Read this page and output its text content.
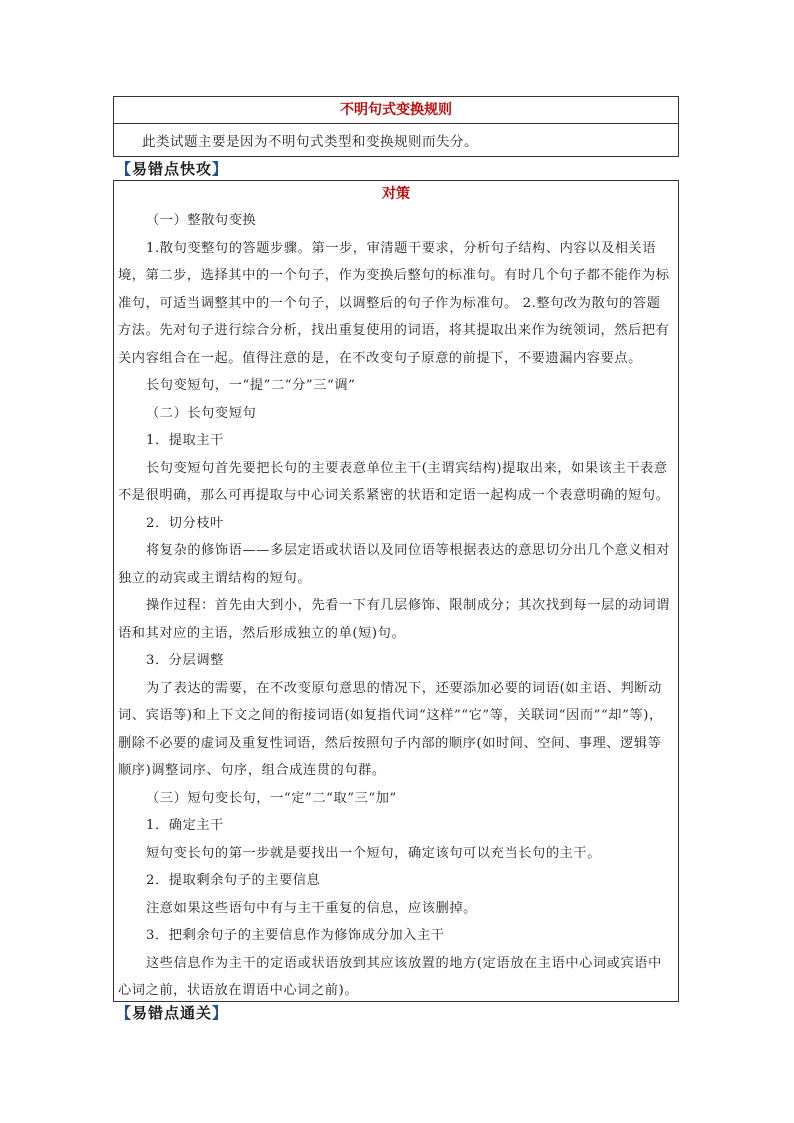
不明句式变换规则
此类试题主要是因为不明句式类型和变换规则而失分。
【易错点快攻】
对策

（一）整散句变换

1.散句变整句的答题步骤。第一步，审清题干要求，分析句子结构、内容以及相关语境，第二步，选择其中的一个句子，作为变换后整句的标准句。有时几个句子都不能作为标准句，可适当调整其中的一个句子，以调整后的句子作为标准句。 2.整句改为散句的答题方法。先对句子进行综合分析，找出重复使用的词语，将其提取出来作为统领词，然后把有关内容组合在一起。值得注意的是，在不改变句子原意的前提下，不要遗漏内容要点。

长句变短句，一“提”二“分”三“调”

（二）长句变短句

1．提取主干

长句变短句首先要把长句的主要表意单位主干(主谓宾结构)提取出来，如果该主干表意不是很明确，那么可再提取与中心词关系紧密的状语和定语一起构成一个表意明确的短句。

2．切分枝叶

将复杂的修饰语——多层定语或状语以及同位语等根据表达的意思切分出几个意义相对独立的动宾或主谓结构的短句。

操作过程：首先由大到小，先看一下有几层修饰、限制成分；其次找到每一层的动词谓语和其对应的主语，然后形成独立的单(短)句。

3．分层调整

为了表达的需要，在不改变原句意思的情况下，还要添加必要的词语(如主语、判断动词、宾语等)和上下文之间的衔接词语(如复指代词“这样”“它”等，关联词“因而”“却”等)，删除不必要的虚词及重复性词语，然后按照句子内部的顺序(如时间、空间、事理、逻辑等顺序)调整词序、句序，组合成连贯的句群。

（三）短句变长句，一“定”二“取”三“加”

1．确定主干

短句变长句的第一步就是要找出一个短句，确定该句可以充当长句的主干。

2．提取剩余句子的主要信息

注意如果这些语句中有与主干重复的信息，应该删掉。

3．把剩余句子的主要信息作为修饰成分加入主干

这些信息作为主干的定语或状语放到其应该放置的地方(定语放在主语中心词或宾语中心词之前，状语放在谓语中心词之前)。

【易错点通关】
